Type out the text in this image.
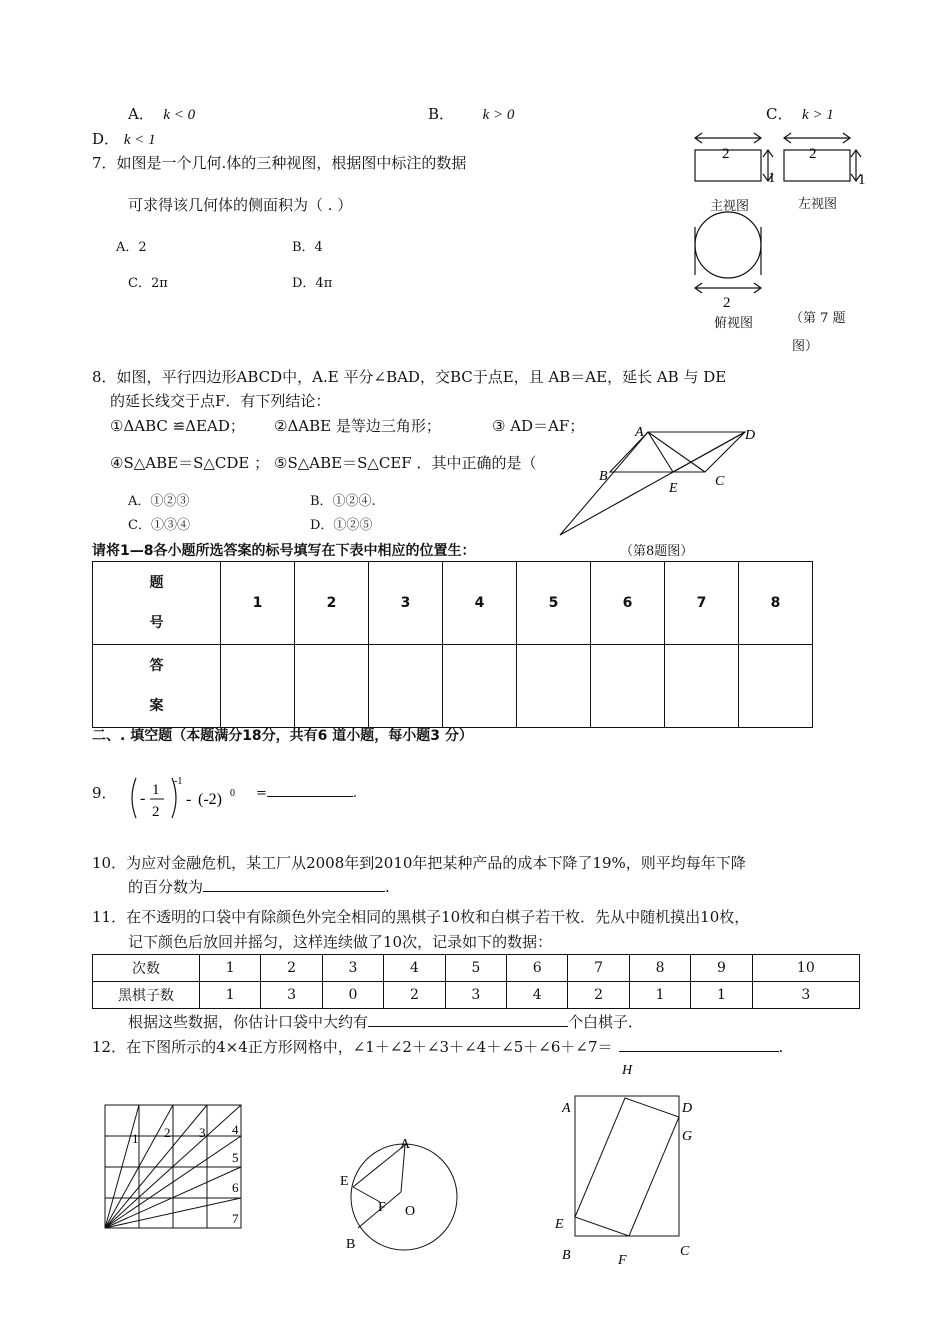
A． k < 0	B． k > 0	C． k > 1
D． k < 1
7．如图是一个几何.体的三种视图，根据图中标注的数据
可求得该几何体的侧面积为（ . ）
A．2	B．4
C．2π	D．4π
2
1
2
1
2
主视图	左视图
俯视图	（第 7 题
图）
8．如图，平行四边形ABCD中，A.E 平分∠BAD，交BC于点E，且 AB＝AE，延长 AB 与 DE
的延长线交于点F．有下列结论：
①ΔABC ≌ΔEAD； ②ΔABE 是等边三角形；	③ AD＝AF；
④S△ABE＝S△CDE ； ⑤S△ABE＝S△CEF ．其中正确的是（
A．①②③	B．①②④.
C．①③④	D．①②⑤
A	D
B
E	C
请将1—8各小题所选答案的标号填写在下表中相应的位置生：	（第8题图）
题
号	1	2	3	4	5	6	7	8

答
案								

二、. 填空题（本题满分18分，共有6 道小题，每小题3 分）
9． - 1
2
-1
- (-2) 0 =	.
10．为应对金融危机，某工厂从2008年到2010年把某种产品的成本下降了19%，则平均每年下降
的百分数为	.
11．在不透明的口袋中有除颜色外完全相同的黑棋子10枚和白棋子若干枚．先从中随机摸出10枚，
记下颜色后放回并摇匀，这样连续做了10次，记录如下的数据：
次数	1	2	3	4	5	6	7	8	9	10
黑棋子数	1	3	0	2	3	4	2	1	1	3
根据这些数据，你估计口袋中大约有	个白棋子．
12．在下图所示的4×4正方形网格中，∠1＋∠2＋∠3＋∠4＋∠5＋∠6＋∠7＝	.
1 2 3 4
5
6
7
A
E
F O
B
H
A	D
G
E
B	F
C
